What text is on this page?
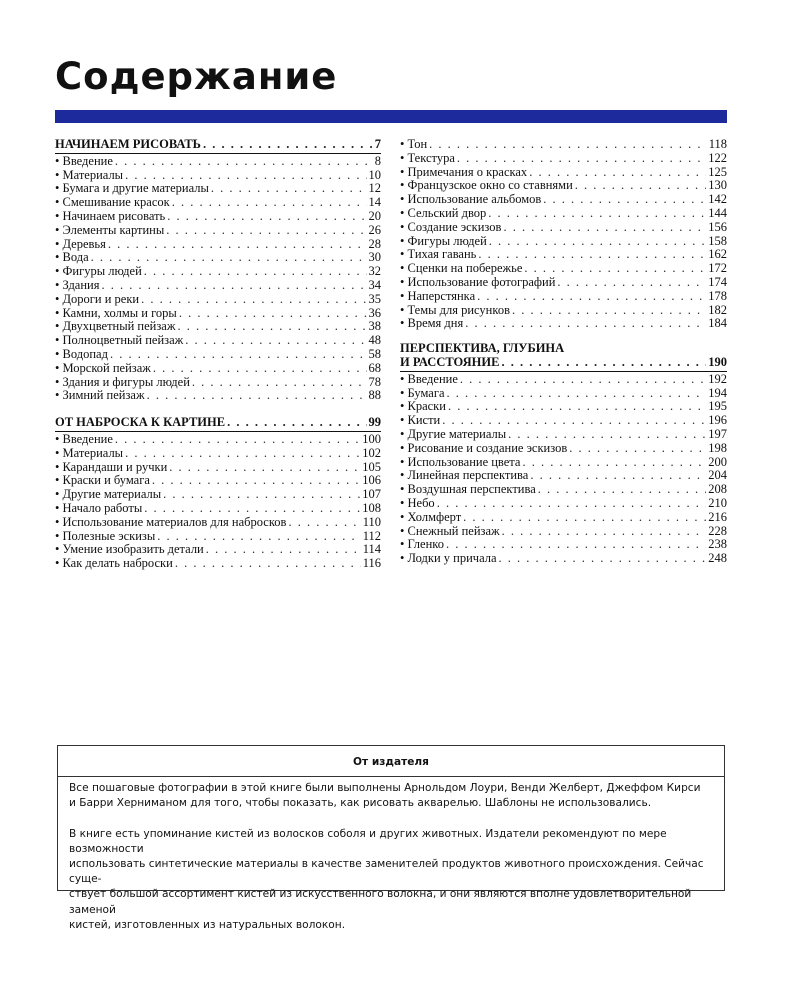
Содержание
НАЧИНАЕМ РИСОВАТЬ . . .	7
• Введение . . .	8
• Материалы . . .	10
• Бумага и другие материалы . . .	12
• Смешивание красок . . .	14
• Начинаем рисовать . . .	20
• Элементы картины . . .	26
• Деревья . . .	28
• Вода . . .	30
• Фигуры людей . . .	32
• Здания . . .	34
• Дороги и реки . . .	35
• Камни, холмы и горы . . .	36
• Двухцветный пейзаж . . .	38
• Полноцветный пейзаж . . .	48
• Водопад . . .	58
• Морской пейзаж . . .	68
• Здания и фигуры людей . . .	78
• Зимний пейзаж . . .	88
ОТ НАБРОСКА К КАРТИНЕ . . .	99
• Введение . . .	100
• Материалы . . .	102
• Карандаши и ручки . . .	105
• Краски и бумага . . .	106
• Другие материалы . . .	107
• Начало работы . . .	108
• Использование материалов для набросков . . .	110
• Полезные эскизы . . .	112
• Умение изобразить детали . . .	114
• Как делать наброски . . .	116
• Тон . . .	118
• Текстура . . .	122
• Примечания о красках . . .	125
• Французское окно со ставнями . . .	130
• Использование альбомов . . .	142
• Сельский двор . . .	144
• Создание эскизов . . .	156
• Фигуры людей . . .	158
• Тихая гавань . . .	162
• Сценки на побережье . . .	172
• Использование фотографий . . .	174
• Наперстянка . . .	178
• Темы для рисунков . . .	182
• Время дня . . .	184
ПЕРСПЕКТИВА, ГЛУБИНА
И РАССТОЯНИЕ . . .	190
• Введение . . .	192
• Бумага . . .	194
• Краски . . .	195
• Кисти . . .	196
• Другие материалы . . .	197
• Рисование и создание эскизов . . .	198
• Использование цвета . . .	200
• Линейная перспектива . . .	204
• Воздушная перспектива . . .	208
• Небо . . .	210
• Холмферт . . .	216
• Снежный пейзаж . . .	228
• Гленко . . .	238
• Лодки у причала . . .	248
От издателя
Все пошаговые фотографии в этой книге были выполнены Арнольдом Лоури, Венди Желберт, Джеффом Кирси
и Барри Херниманом для того, чтобы показать, как рисовать акварелью. Шаблоны не использовались.
В книге есть упоминание кистей из волосков соболя и других животных. Издатели рекомендуют по мере возможности
использовать синтетические материалы в качестве заменителей продуктов животного происхождения. Сейчас суще-
ствует большой ассортимент кистей из искусственного волокна, и они являются вполне удовлетворительной заменой
кистей, изготовленных из натуральных волокон.
